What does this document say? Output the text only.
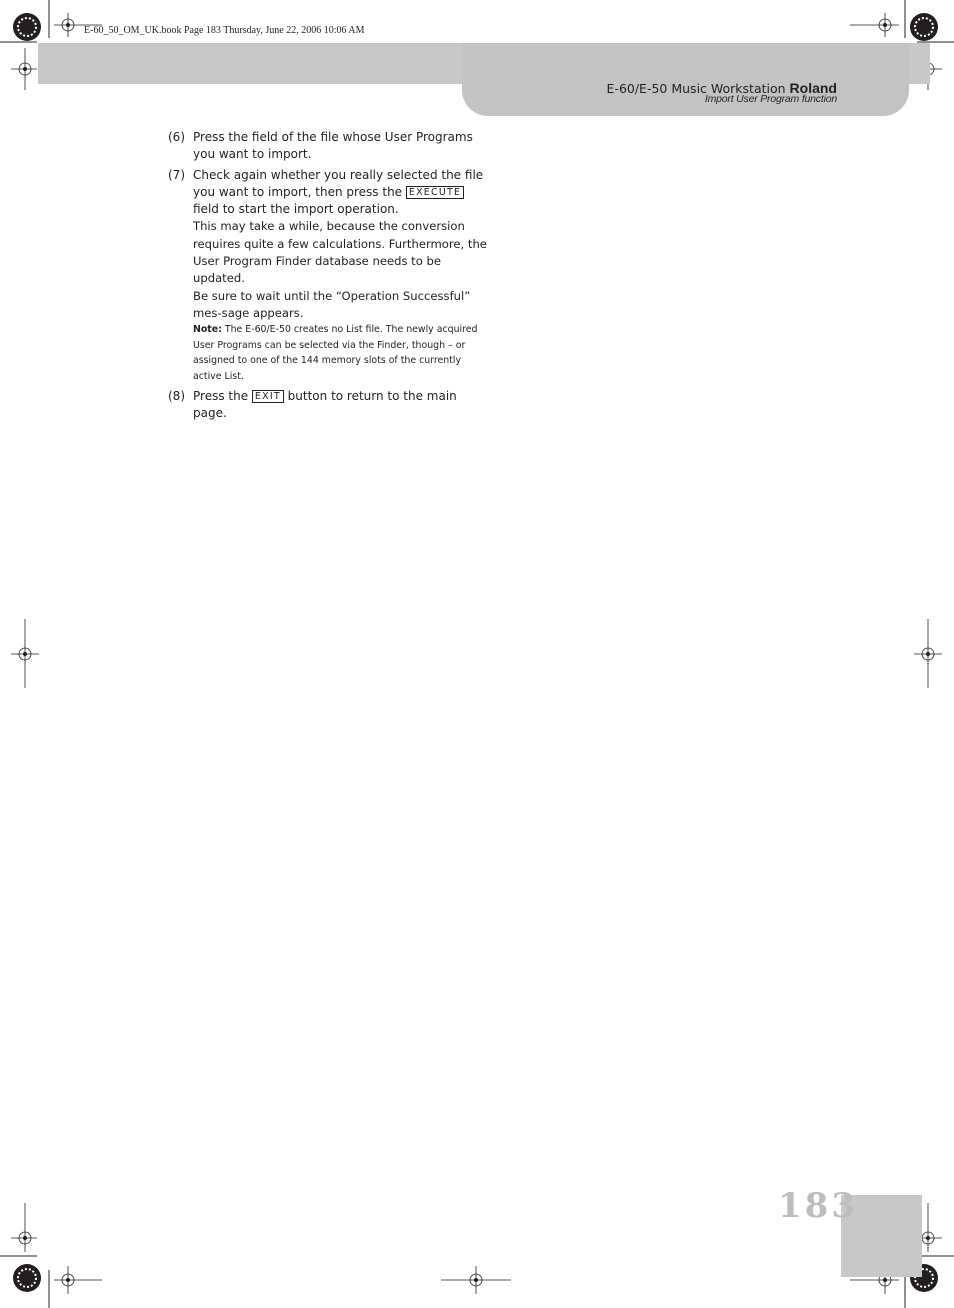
E-60_50_OM_UK.book Page 183 Thursday, June 22, 2006 10:06 AM
E-60/E-50 Music Workstation Roland
Import User Program function
(6) Press the field of the file whose User Programs you want to import.

(7) Check again whether you really selected the file you want to import, then press the EXECUTE field to start the import operation.

This may take a while, because the conversion requires quite a few calculations. Furthermore, the User Program Finder database needs to be updated.

Be sure to wait until the “Operation Successful” mes-sage appears.

Note: The E-60/E-50 creates no List file. The newly acquired User Programs can be selected via the Finder, though – or assigned to one of the 144 memory slots of the currently active List.

(8) Press the EXIT button to return to the main page.

183
